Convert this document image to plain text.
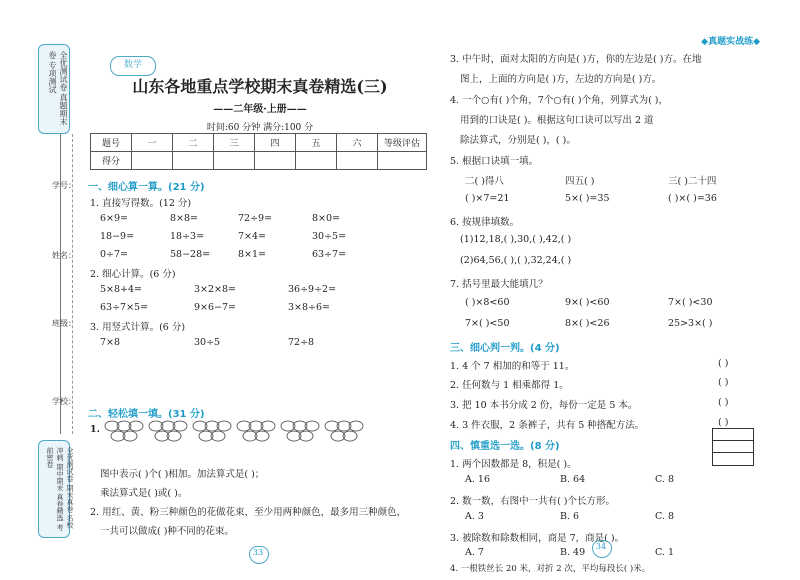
全优测试卷 真题期末卷 专项测试
学号：
姓名：
班级：
学校：
全优测试卷 期末真卷 名校冲刺 期中期末 真卷精选 考前密卷
数学
山东各地重点学校期末真卷精选(三)
——二年级·上册——
时间:60 分钟 满分:100 分
题号	一	二	三	四	五	六	等级评估
得分							
一、细心算一算。(21 分)
1. 直接写得数。(12 分)
6×9=	8×8=	72÷9=	8×0=
18−9=	18÷3=	7×4=	30÷5=
0÷7=	58−28=	8×1=	63÷7=
2. 细心计算。(6 分)
5×8+4=	3×2×8=	36÷9÷2=
63÷7×5=	9×6−7=	3×8÷6=
3. 用竖式计算。(6 分)
7×8	30÷5	72÷8
二、轻松填一填。(31 分)
1.
图中表示( )个( )相加。加法算式是( )；
乘法算式是( )或( )。
2. 用红、黄、粉三种颜色的花做花束，至少用两种颜色，最多用三种颜色，
一共可以做成( )种不同的花束。
33
◆真题实战练◆
3. 中午时，面对太阳的方向是( )方，你的左边是( )方。在地
图上，上面的方向是( )方，左边的方向是( )方。
4. 一个○有( )个角，7个○有( )个角，列算式为( )，
用到的口诀是( )。根据这句口诀可以写出 2 道
除法算式，分别是( )，( )。
5. 根据口诀填一填。
二( )得八	四五( )	三( )二十四
( )×7=21	5×( )=35	( )×( )=36
6. 按规律填数。
(1)12,18,( ),30,( ),42,( )
(2)64,56,( ),( ),32,24,( )
7. 括号里最大能填几？
( )×8<60	9×( )<60	7×( )<30
7×( )<50	8×( )<26	25>3×( )
三、细心判一判。(4 分)
1. 4 个 7 相加的和等于 11。	( )
2. 任何数与 1 相乘都得 1。	( )
3. 把 10 本书分成 2 份，每份一定是 5 本。	( )
4. 3 件衣服，2 条裤子，共有 5 种搭配方法。	( )
四、慎重选一选。(8 分)
1. 两个因数都是 8，积是( )。
A. 16	B. 64	C. 8
2. 数一数，右图中一共有( )个长方形。
A. 3	B. 6	C. 8
3. 被除数和除数相同，商是 7，商是( )。
A. 7	B. 49	C. 1
4. 一根铁丝长 20 米，对折 2 次，平均每段长( )米。
34
